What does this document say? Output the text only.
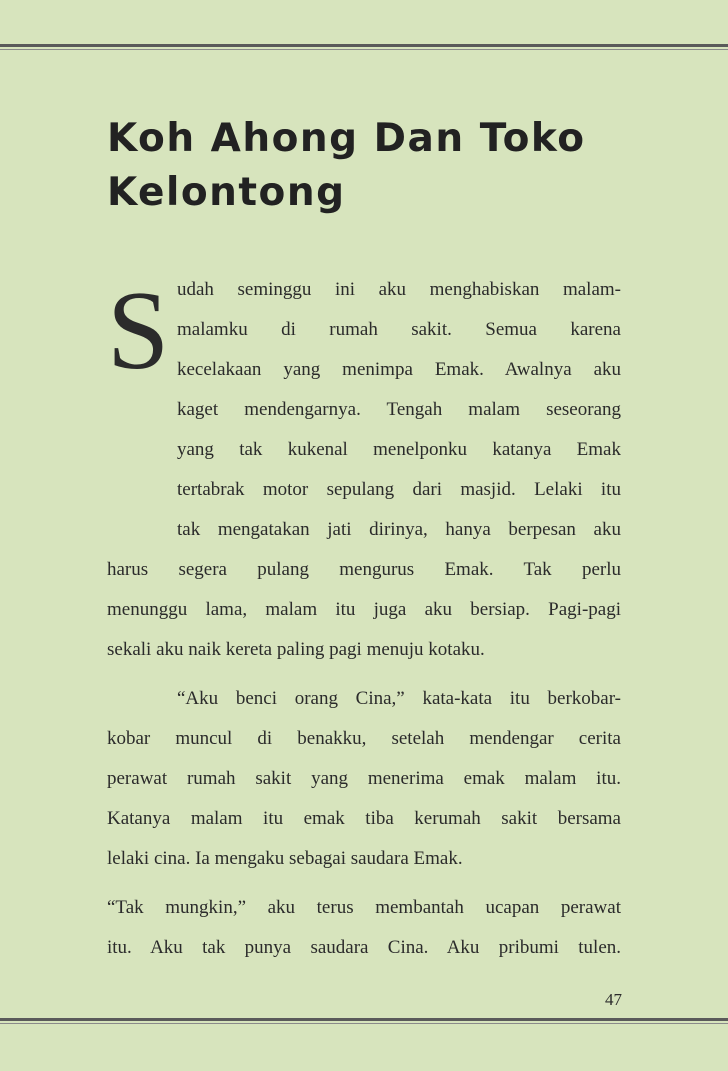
Koh Ahong Dan Toko
Kelontong
S udah seminggu ini aku menghabiskan malam-
malamku di rumah sakit. Semua karena
kecelakaan yang menimpa Emak. Awalnya aku
kaget mendengarnya. Tengah malam seseorang
yang tak kukenal menelponku katanya Emak
tertabrak motor sepulang dari masjid. Lelaki itu
tak mengatakan jati dirinya, hanya berpesan aku
harus segera pulang mengurus Emak. Tak perlu
menunggu lama, malam itu juga aku bersiap. Pagi-pagi
sekali aku naik kereta paling pagi menuju kotaku.
“Aku benci orang Cina,” kata-kata itu berkobar-
kobar muncul di benakku, setelah mendengar cerita
perawat rumah sakit yang menerima emak malam itu.
Katanya malam itu emak tiba kerumah sakit bersama
lelaki cina. Ia mengaku sebagai saudara Emak.
“Tak mungkin,” aku terus membantah ucapan perawat
itu. Aku tak punya saudara Cina. Aku pribumi tulen.
47
